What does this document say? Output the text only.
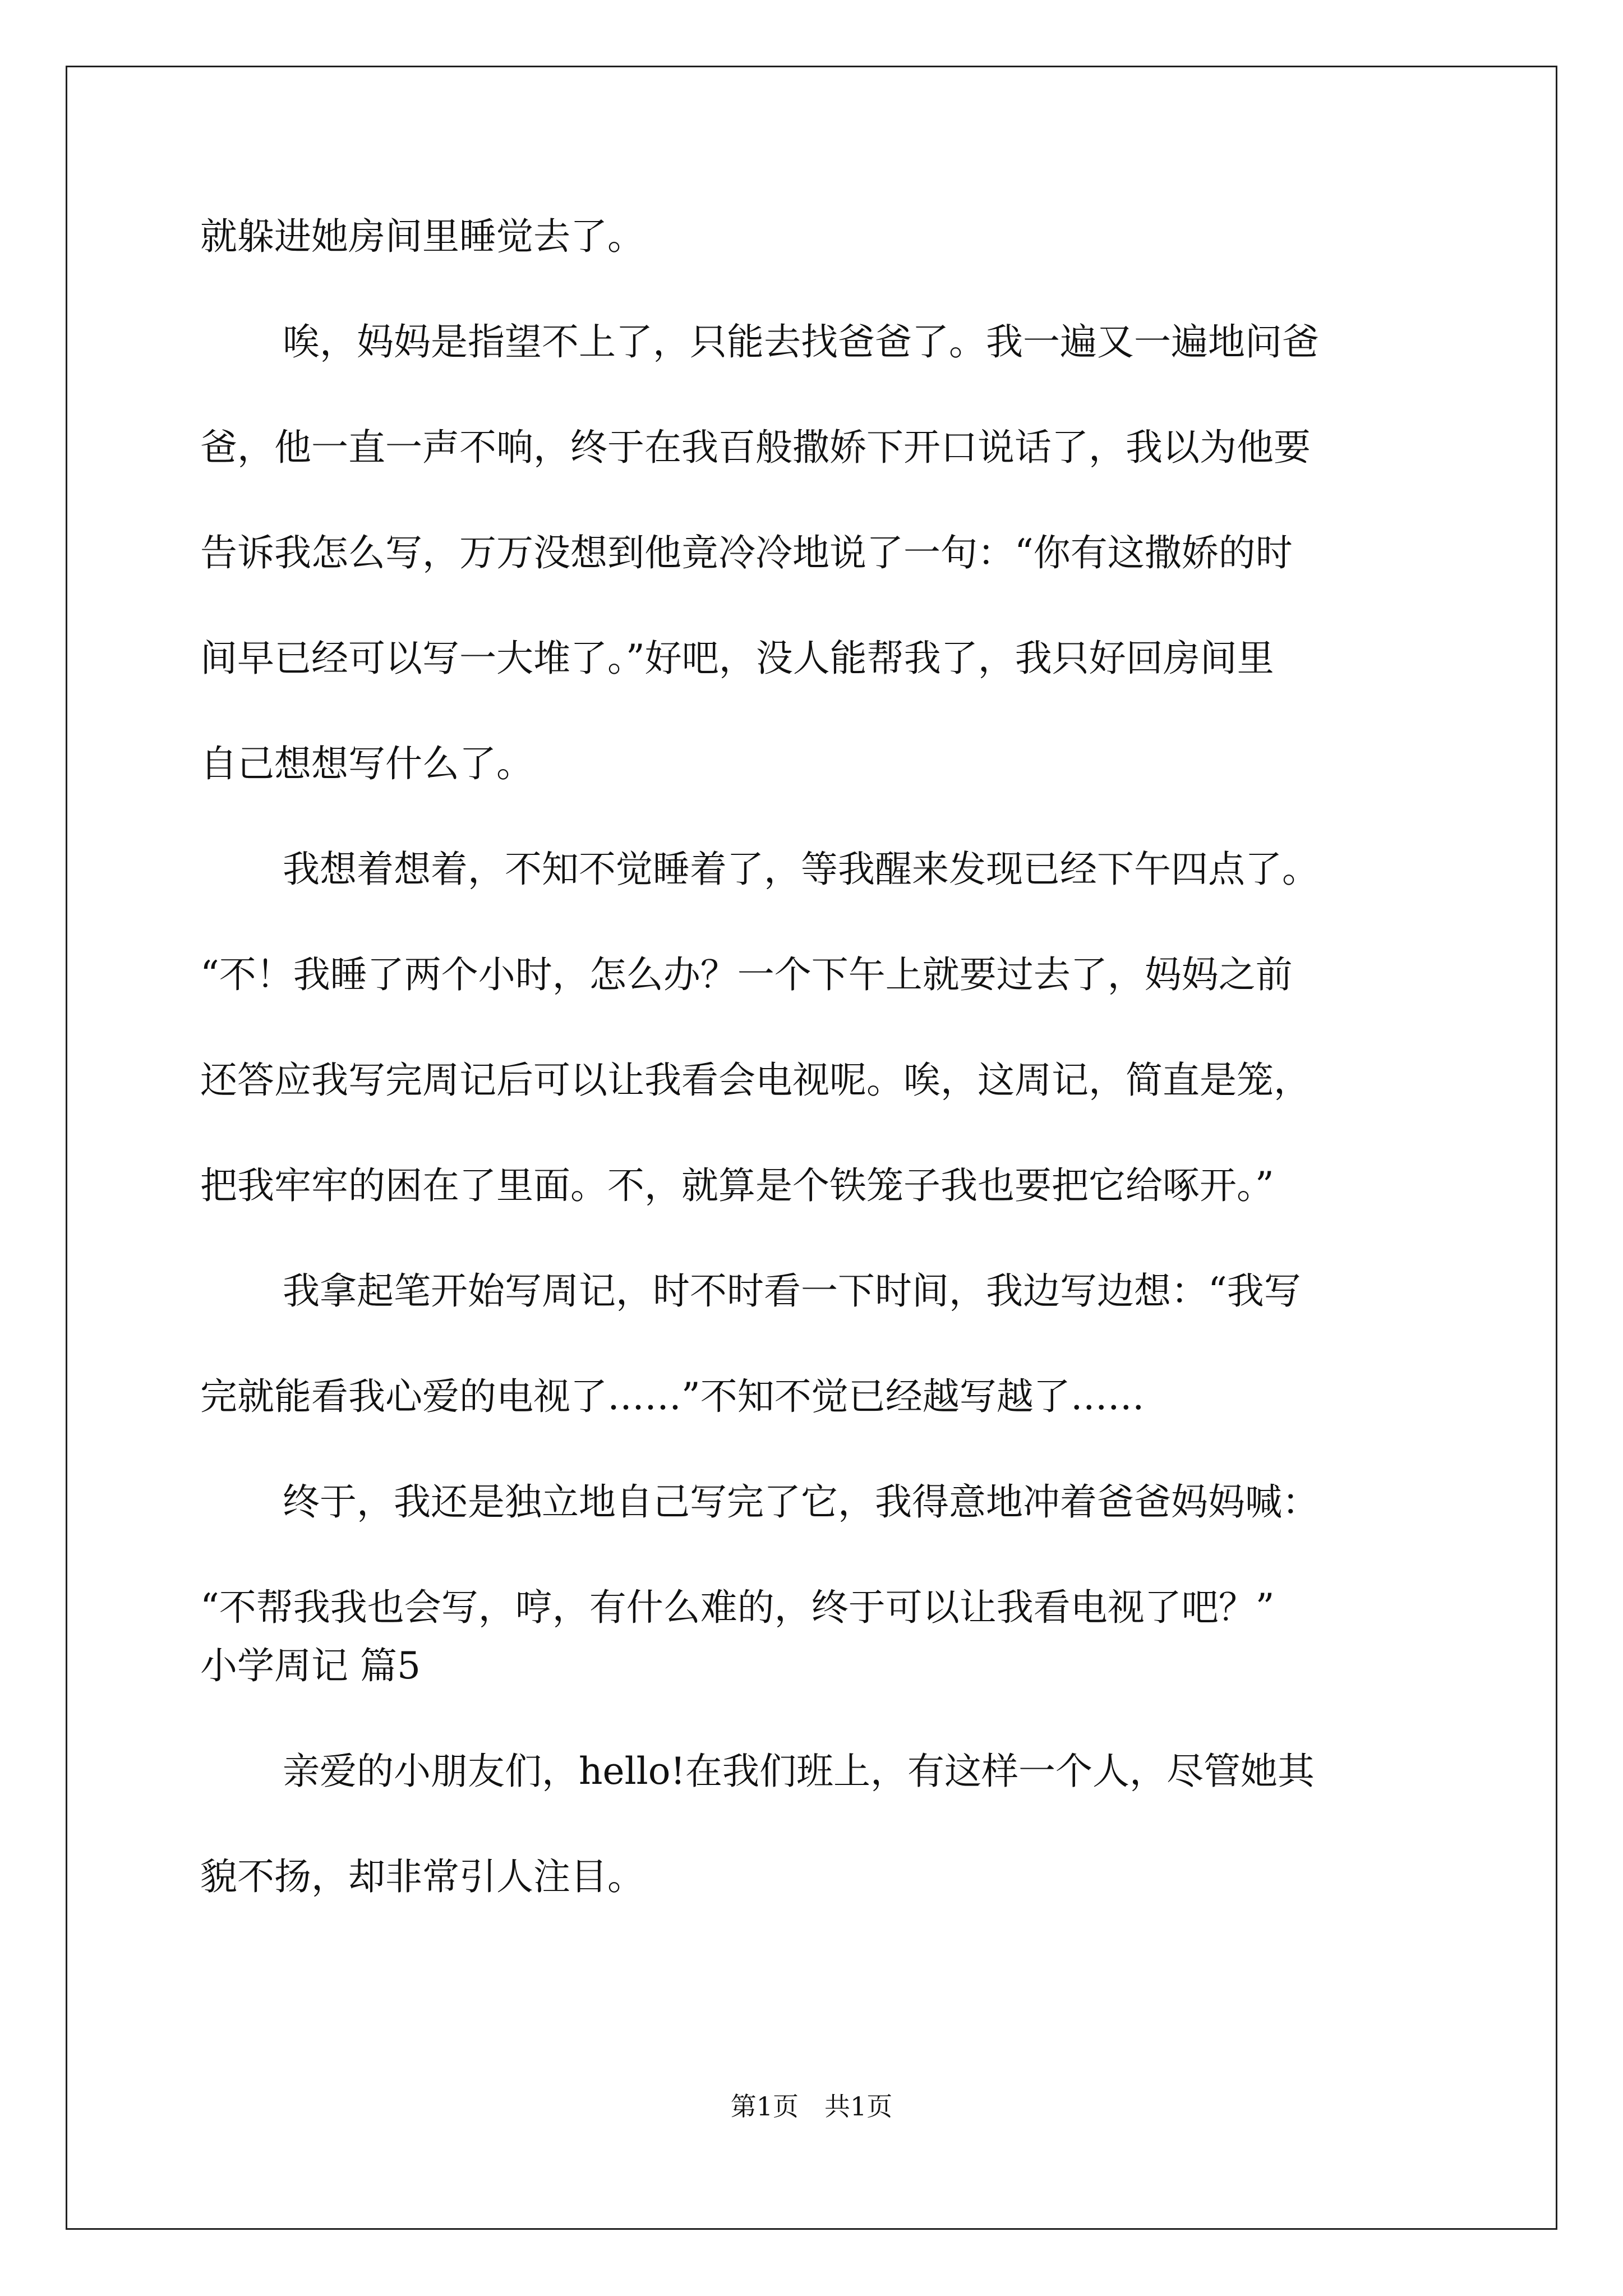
就躲进她房间里睡觉去了。

唉，妈妈是指望不上了，只能去找爸爸了。我一遍又一遍地问爸

爸，他一直一声不响，终于在我百般撒娇下开口说话了，我以为他要

告诉我怎么写，万万没想到他竟冷冷地说了一句：“你有这撒娇的时

间早已经可以写一大堆了。”好吧，没人能帮我了，我只好回房间里

自己想想写什么了。

我想着想着，不知不觉睡着了，等我醒来发现已经下午四点了。

“不！我睡了两个小时，怎么办？一个下午上就要过去了，妈妈之前

还答应我写完周记后可以让我看会电视呢。唉，这周记，简直是笼，

把我牢牢的困在了里面。不，就算是个铁笼子我也要把它给啄开。”

我拿起笔开始写周记，时不时看一下时间，我边写边想：“我写

完就能看我心爱的电视了……”不知不觉已经越写越了……

终于，我还是独立地自己写完了它，我得意地冲着爸爸妈妈喊：

“不帮我我也会写，哼，有什么难的，终于可以让我看电视了吧？”

小学周记 篇5

亲爱的小朋友们，hello!在我们班上，有这样一个人，尽管她其

貌不扬，却非常引人注目。

第1页　共1页
